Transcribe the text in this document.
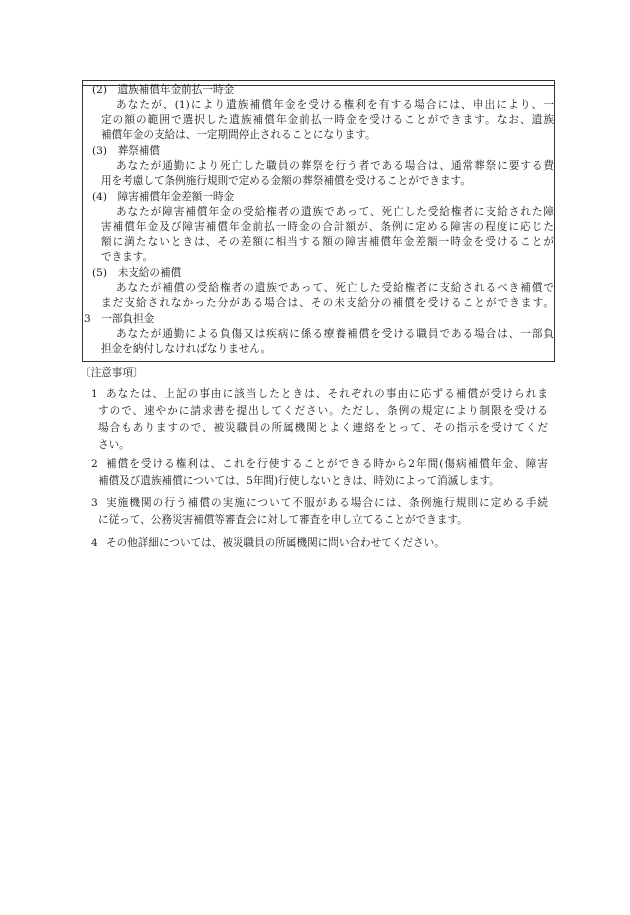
(2)　遺族補償年金前払一時金
あなたが、(1)により遺族補償年金を受ける権利を有する場合には、申出により、一
定の額の範囲で選択した遺族補償年金前払一時金を受けることができます。なお、遺族
補償年金の支給は、一定期間停止されることになります。
(3)　葬祭補償
あなたが通勤により死亡した職員の葬祭を行う者である場合は、通常葬祭に要する費
用を考慮して条例施行規則で定める金額の葬祭補償を受けることができます。
(4)　障害補償年金差額一時金
あなたが障害補償年金の受給権者の遺族であって、死亡した受給権者に支給された障
害補償年金及び障害補償年金前払一時金の合計額が、条例に定める障害の程度に応じた
額に満たないときは、その差額に相当する額の障害補償年金差額一時金を受けることが
できます。
(5)　未支給の補償
あなたが補償の受給権者の遺族であって、死亡した受給権者に支給されるべき補償で
まだ支給されなかった分がある場合は、その未支給分の補償を受けることができます。
3　一部負担金
あなたが通勤による負傷又は疾病に係る療養補償を受ける職員である場合は、一部負
担金を納付しなければなりません。
〔注意事項〕
1 あなたは、上記の事由に該当したときは、それぞれの事由に応ずる補償が受けられま
すので、速やかに請求書を提出してください。ただし、条例の規定により制限を受ける
場合もありますので、被災職員の所属機関とよく連絡をとって、その指示を受けてくだ
さい。
2 補償を受ける権利は、これを行使することができる時から2年間(傷病補償年金、障害
補償及び遺族補償については、5年間)行使しないときは、時効によって消滅します。
3 実施機関の行う補償の実施について不服がある場合には、条例施行規則に定める手続
に従って、公務災害補償等審査会に対して審査を申し立てることができます。
4 その他詳細については、被災職員の所属機関に問い合わせてください。
